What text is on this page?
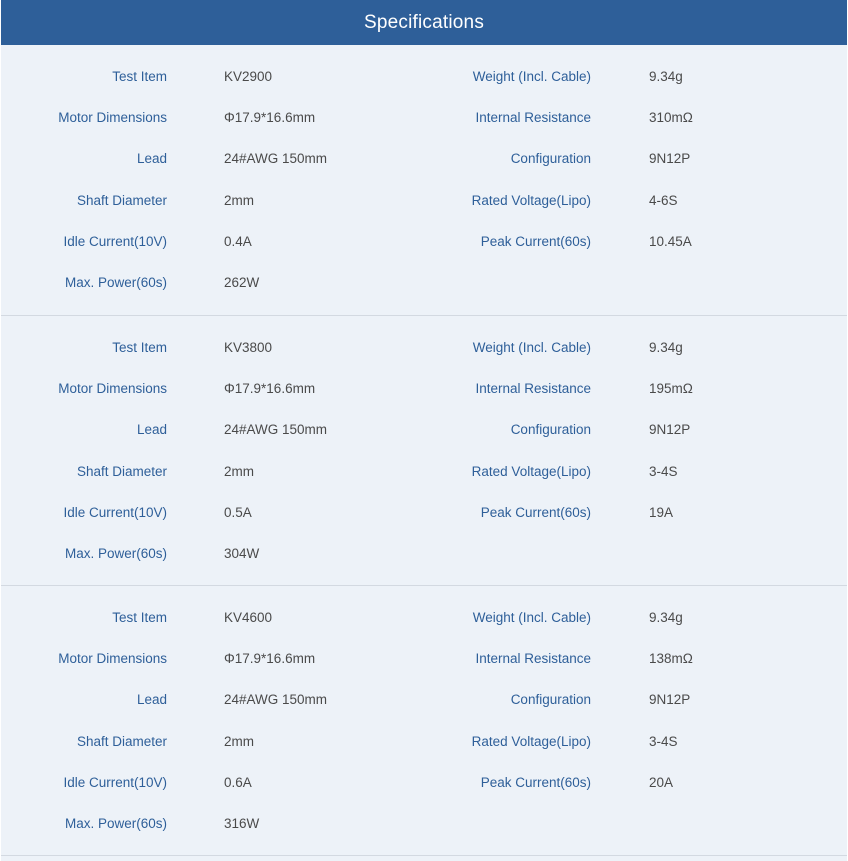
Specifications
Test Item	KV2900	Weight (Incl. Cable)	9.34g
Motor Dimensions	Φ17.9*16.6mm	Internal Resistance	310mΩ
Lead	24#AWG 150mm	Configuration	9N12P
Shaft Diameter	2mm	Rated Voltage(Lipo)	4-6S
Idle Current(10V)	0.4A	Peak Current(60s)	10.45A
Max. Power(60s)	262W
Test Item	KV3800	Weight (Incl. Cable)	9.34g
Motor Dimensions	Φ17.9*16.6mm	Internal Resistance	195mΩ
Lead	24#AWG 150mm	Configuration	9N12P
Shaft Diameter	2mm	Rated Voltage(Lipo)	3-4S
Idle Current(10V)	0.5A	Peak Current(60s)	19A
Max. Power(60s)	304W
Test Item	KV4600	Weight (Incl. Cable)	9.34g
Motor Dimensions	Φ17.9*16.6mm	Internal Resistance	138mΩ
Lead	24#AWG 150mm	Configuration	9N12P
Shaft Diameter	2mm	Rated Voltage(Lipo)	3-4S
Idle Current(10V)	0.6A	Peak Current(60s)	20A
Max. Power(60s)	316W
